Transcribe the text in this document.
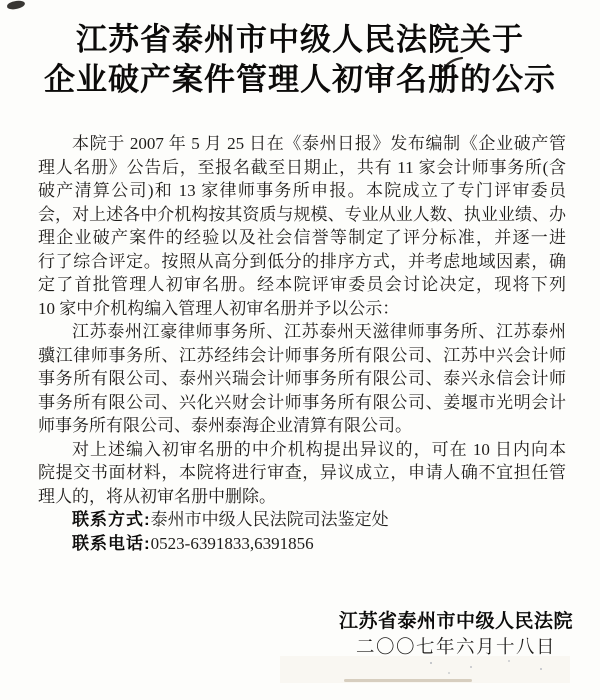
江苏省泰州市中级人民法院关于
企业破产案件管理人初审名册的公示
本院于 2007 年 5 月 25 日在《泰州日报》发布编制《企业破产管
理人名册》公告后，至报名截至日期止，共有 11 家会计师事务所(含
破产清算公司)和 13 家律师事务所申报。本院成立了专门评审委员
会，对上述各中介机构按其资质与规模、专业从业人数、执业业绩、办
理企业破产案件的经验以及社会信誉等制定了评分标准，并逐一进
行了综合评定。按照从高分到低分的排序方式，并考虑地域因素，确
定了首批管理人初审名册。经本院评审委员会讨论决定，现将下列
10 家中介机构编入管理人初审名册并予以公示：
江苏泰州江豪律师事务所、江苏泰州天滋律师事务所、江苏泰州
骥江律师事务所、江苏经纬会计师事务所有限公司、江苏中兴会计师
事务所有限公司、泰州兴瑞会计师事务所有限公司、泰兴永信会计师
事务所有限公司、兴化兴财会计师事务所有限公司、姜堰市光明会计
师事务所有限公司、泰州泰海企业清算有限公司。
对上述编入初审名册的中介机构提出异议的，可在 10 日内向本
院提交书面材料，本院将进行审查，异议成立，申请人确不宜担任管
理人的，将从初审名册中删除。
联系方式:泰州市中级人民法院司法鉴定处
联系电话:0523-6391833,6391856
江苏省泰州市中级人民法院
二〇〇七年六月十八日
